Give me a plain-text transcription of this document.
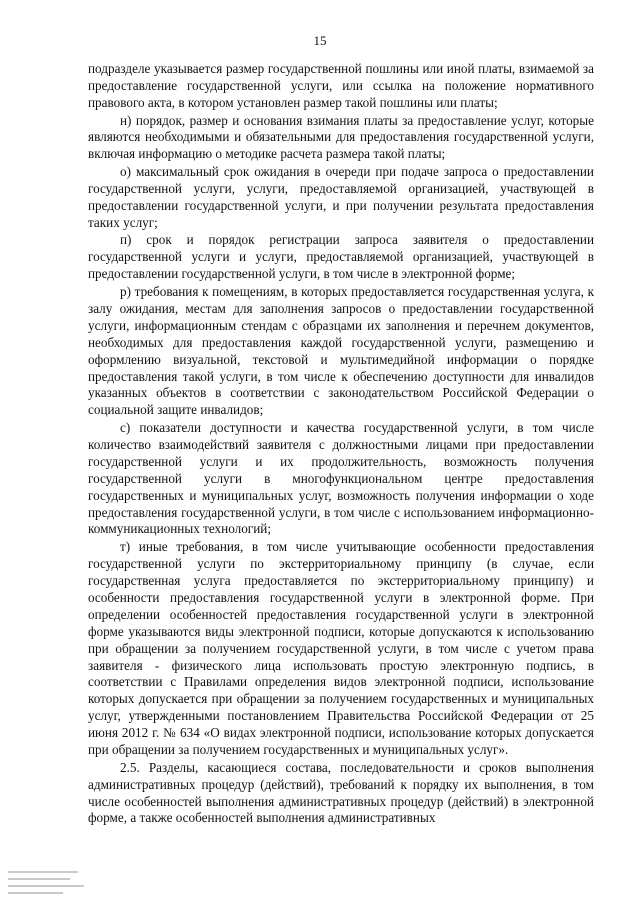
15

подразделе указывается размер государственной пошлины или иной платы, взимаемой за предоставление государственной услуги, или ссылка на положение нормативного правового акта, в котором установлен размер такой пошлины или платы;

н) порядок, размер и основания взимания платы за предоставление услуг, которые являются необходимыми и обязательными для предоставления государственной услуги, включая информацию о методике расчета размера такой платы;

о) максимальный срок ожидания в очереди при подаче запроса о предоставлении государственной услуги, услуги, предоставляемой организацией, участвующей в предоставлении государственной услуги, и при получении результата предоставления таких услуг;

п) срок и порядок регистрации запроса заявителя о предоставлении государственной услуги и услуги, предоставляемой организацией, участвующей в предоставлении государственной услуги, в том числе в электронной форме;

р) требования к помещениям, в которых предоставляется государственная услуга, к залу ожидания, местам для заполнения запросов о предоставлении государственной услуги, информационным стендам с образцами их заполнения и перечнем документов, необходимых для предоставления каждой государственной услуги, размещению и оформлению визуальной, текстовой и мультимедийной информации о порядке предоставления такой услуги, в том числе к обеспечению доступности для инвалидов указанных объектов в соответствии с законодательством Российской Федерации о социальной защите инвалидов;

с) показатели доступности и качества государственной услуги, в том числе количество взаимодействий заявителя с должностными лицами при предоставлении государственной услуги и их продолжительность, возможность получения государственной услуги в многофункциональном центре предоставления государственных и муниципальных услуг, возможность получения информации о ходе предоставления государственной услуги, в том числе с использованием информационно-коммуникационных технологий;

т) иные требования, в том числе учитывающие особенности предоставления государственной услуги по экстерриториальному принципу (в случае, если государственная услуга предоставляется по экстерриториальному принципу) и особенности предоставления государственной услуги в электронной форме. При определении особенностей предоставления государственной услуги в электронной форме указываются виды электронной подписи, которые допускаются к использованию при обращении за получением государственной услуги, в том числе с учетом права заявителя - физического лица использовать простую электронную подпись, в соответствии с Правилами определения видов электронной подписи, использование которых допускается при обращении за получением государственных и муниципальных услуг, утвержденными постановлением Правительства Российской Федерации от 25 июня 2012 г. № 634 «О видах электронной подписи, использование которых допускается при обращении за получением государственных и муниципальных услуг».

2.5. Разделы, касающиеся состава, последовательности и сроков выполнения административных процедур (действий), требований к порядку их выполнения, в том числе особенностей выполнения административных процедур (действий) в электронной форме, а также особенностей выполнения административных
